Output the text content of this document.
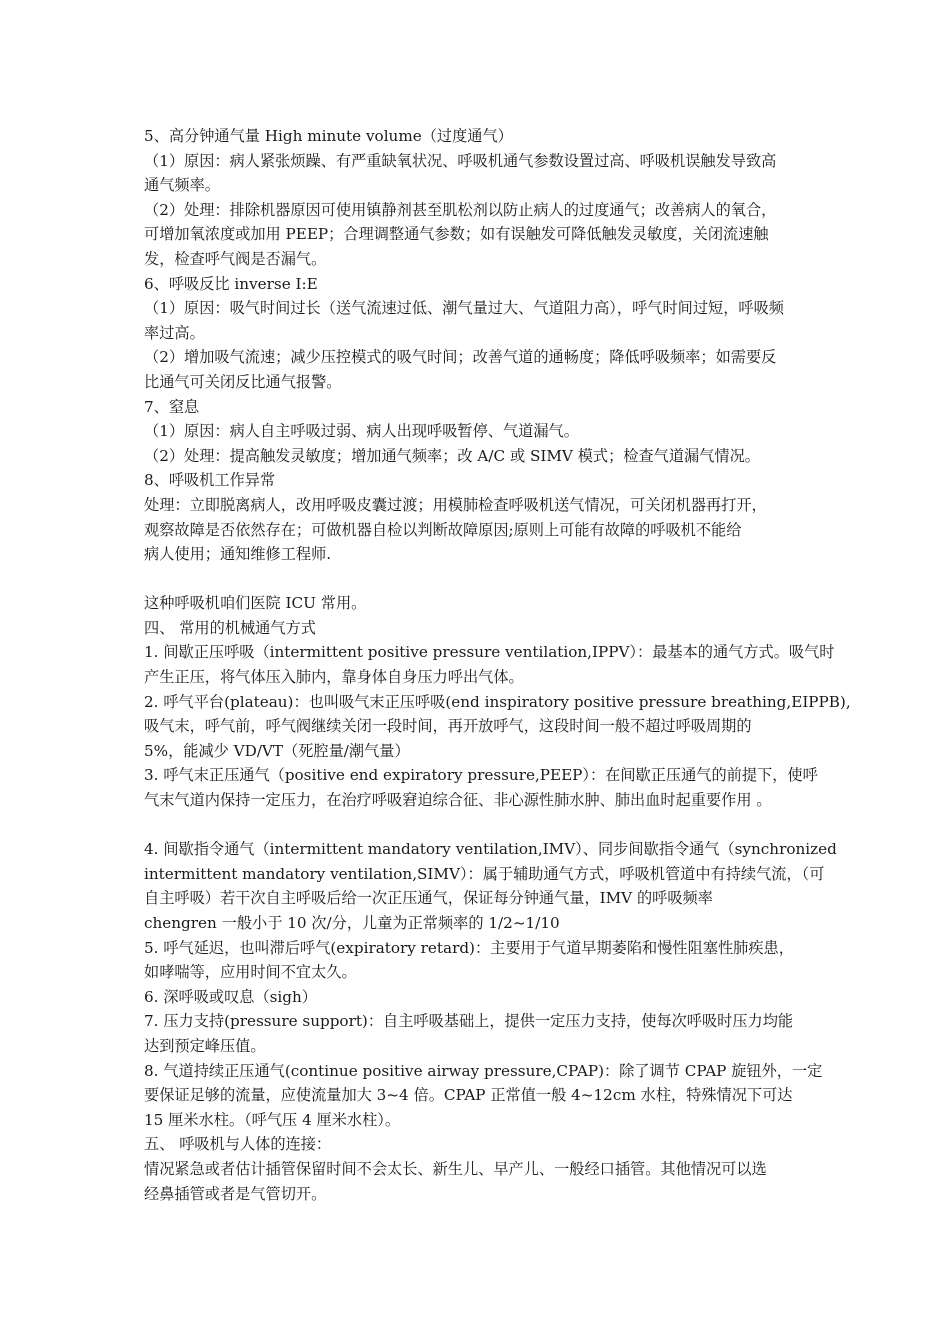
5、高分钟通气量 High minute volume（过度通气）
（1）原因：病人紧张烦躁、有严重缺氧状况、呼吸机通气参数设置过高、呼吸机误触发导致高
通气频率。
（2）处理：排除机器原因可使用镇静剂甚至肌松剂以防止病人的过度通气；改善病人的氧合，
可增加氧浓度或加用 PEEP；合理调整通气参数；如有误触发可降低触发灵敏度，关闭流速触
发，检查呼气阀是否漏气。
6、呼吸反比 inverse I:E
（1）原因：吸气时间过长（送气流速过低、潮气量过大、气道阻力高），呼气时间过短，呼吸频
率过高。
（2）增加吸气流速；减少压控模式的吸气时间；改善气道的通畅度；降低呼吸频率；如需要反
比通气可关闭反比通气报警。
7、窒息
（1）原因：病人自主呼吸过弱、病人出现呼吸暂停、气道漏气。
（2）处理：提高触发灵敏度；增加通气频率；改 A/C 或 SIMV 模式；检查气道漏气情况。
8、呼吸机工作异常
处理：立即脱离病人，改用呼吸皮囊过渡；用模肺检查呼吸机送气情况，可关闭机器再打开，
观察故障是否依然存在；可做机器自检以判断故障原因;原则上可能有故障的呼吸机不能给
病人使用；通知维修工程师.
这种呼吸机咱们医院 ICU 常用。
四、 常用的机械通气方式
1. 间歇正压呼吸（intermittent positive pressure ventilation,IPPV）：最基本的通气方式。吸气时
产生正压，将气体压入肺内，靠身体自身压力呼出气体。
2. 呼气平台(plateau)：也叫吸气末正压呼吸(end inspiratory positive pressure breathing,EIPPB),
吸气末，呼气前，呼气阀继续关闭一段时间，再开放呼气，这段时间一般不超过呼吸周期的
5%，能减少 VD/VT（死腔量/潮气量）
3. 呼气末正压通气（positive end expiratory pressure,PEEP）：在间歇正压通气的前提下，使呼
气末气道内保持一定压力，在治疗呼吸窘迫综合征、非心源性肺水肿、肺出血时起重要作用 。
4. 间歇指令通气（intermittent mandatory ventilation,IMV）、同步间歇指令通气（synchronized
intermittent mandatory ventilation,SIMV）：属于辅助通气方式，呼吸机管道中有持续气流，（可
自主呼吸）若干次自主呼吸后给一次正压通气，保证每分钟通气量，IMV 的呼吸频率
chengren 一般小于 10 次/分，儿童为正常频率的 1/2~1/10
5. 呼气延迟，也叫滞后呼气(expiratory retard)：主要用于气道早期萎陷和慢性阻塞性肺疾患，
如哮喘等，应用时间不宜太久。
6. 深呼吸或叹息（sigh）
7. 压力支持(pressure support)：自主呼吸基础上，提供一定压力支持，使每次呼吸时压力均能
达到预定峰压值。
8. 气道持续正压通气(continue positive airway pressure,CPAP)：除了调节 CPAP 旋钮外，一定
要保证足够的流量，应使流量加大 3~4 倍。CPAP 正常值一般 4~12cm 水柱，特殊情况下可达
15 厘米水柱。（呼气压 4 厘米水柱）。
五、 呼吸机与人体的连接：
情况紧急或者估计插管保留时间不会太长、新生儿、早产儿、一般经口插管。其他情况可以选
经鼻插管或者是气管切开。
